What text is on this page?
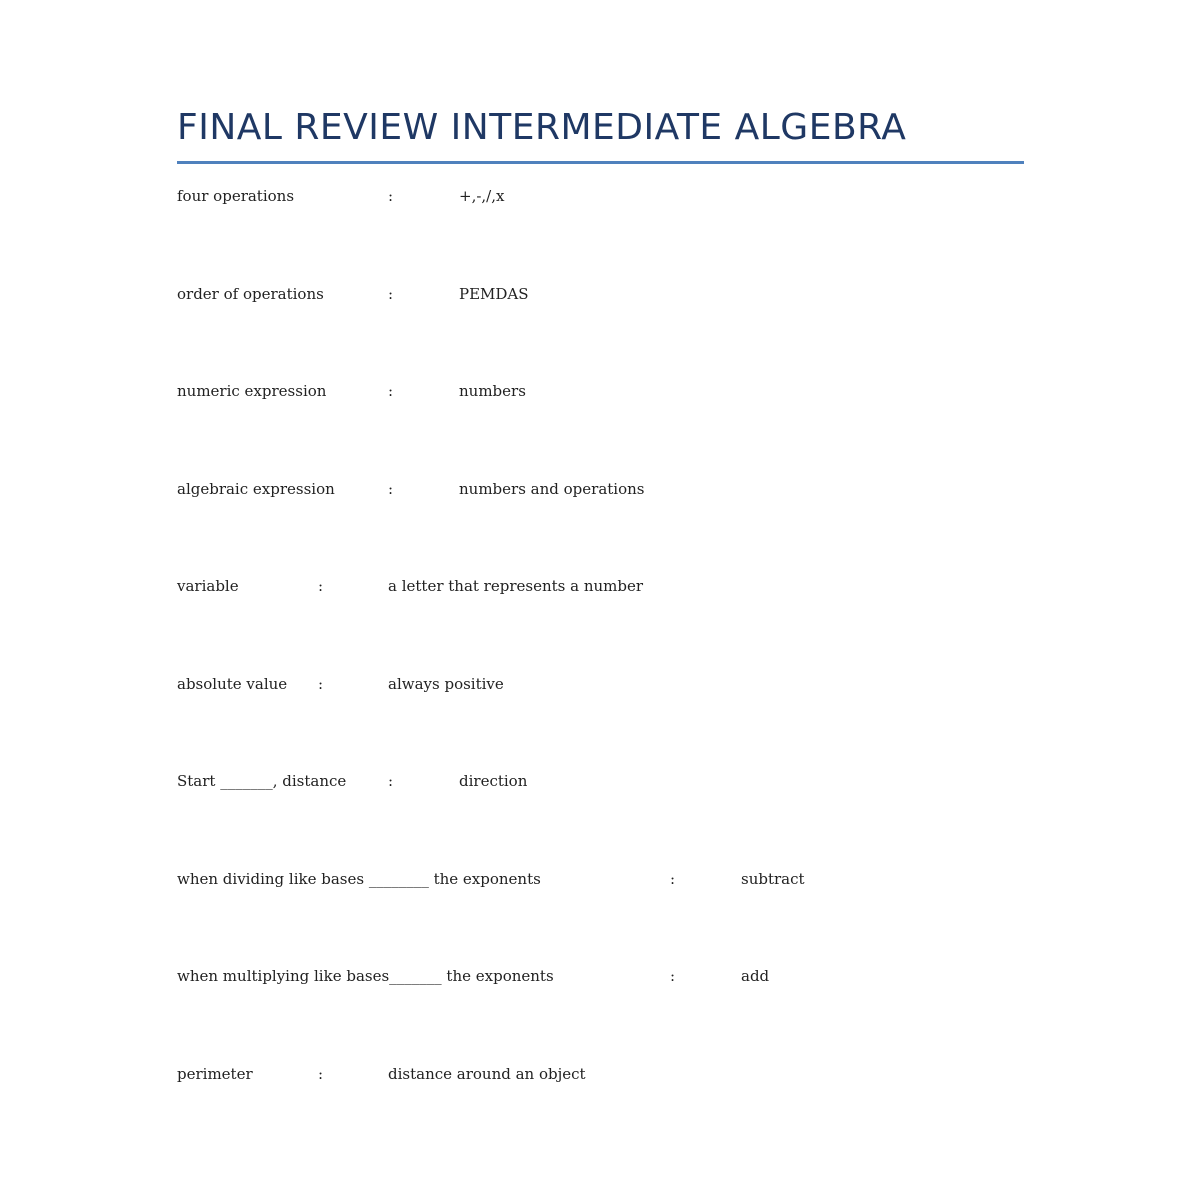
FINAL REVIEW INTERMEDIATE ALGEBRA
four operations	:	+,-,/,x
order of operations	:	PEMDAS
numeric expression	:	numbers
algebraic expression	:	numbers and operations
variable	:	a letter that represents a number
absolute value :	always positive
Start _______, distance	:	direction
when dividing like bases ________ the exponents	:	subtract
when multiplying like bases_______ the exponents	:	add
perimeter	:	distance around an object
